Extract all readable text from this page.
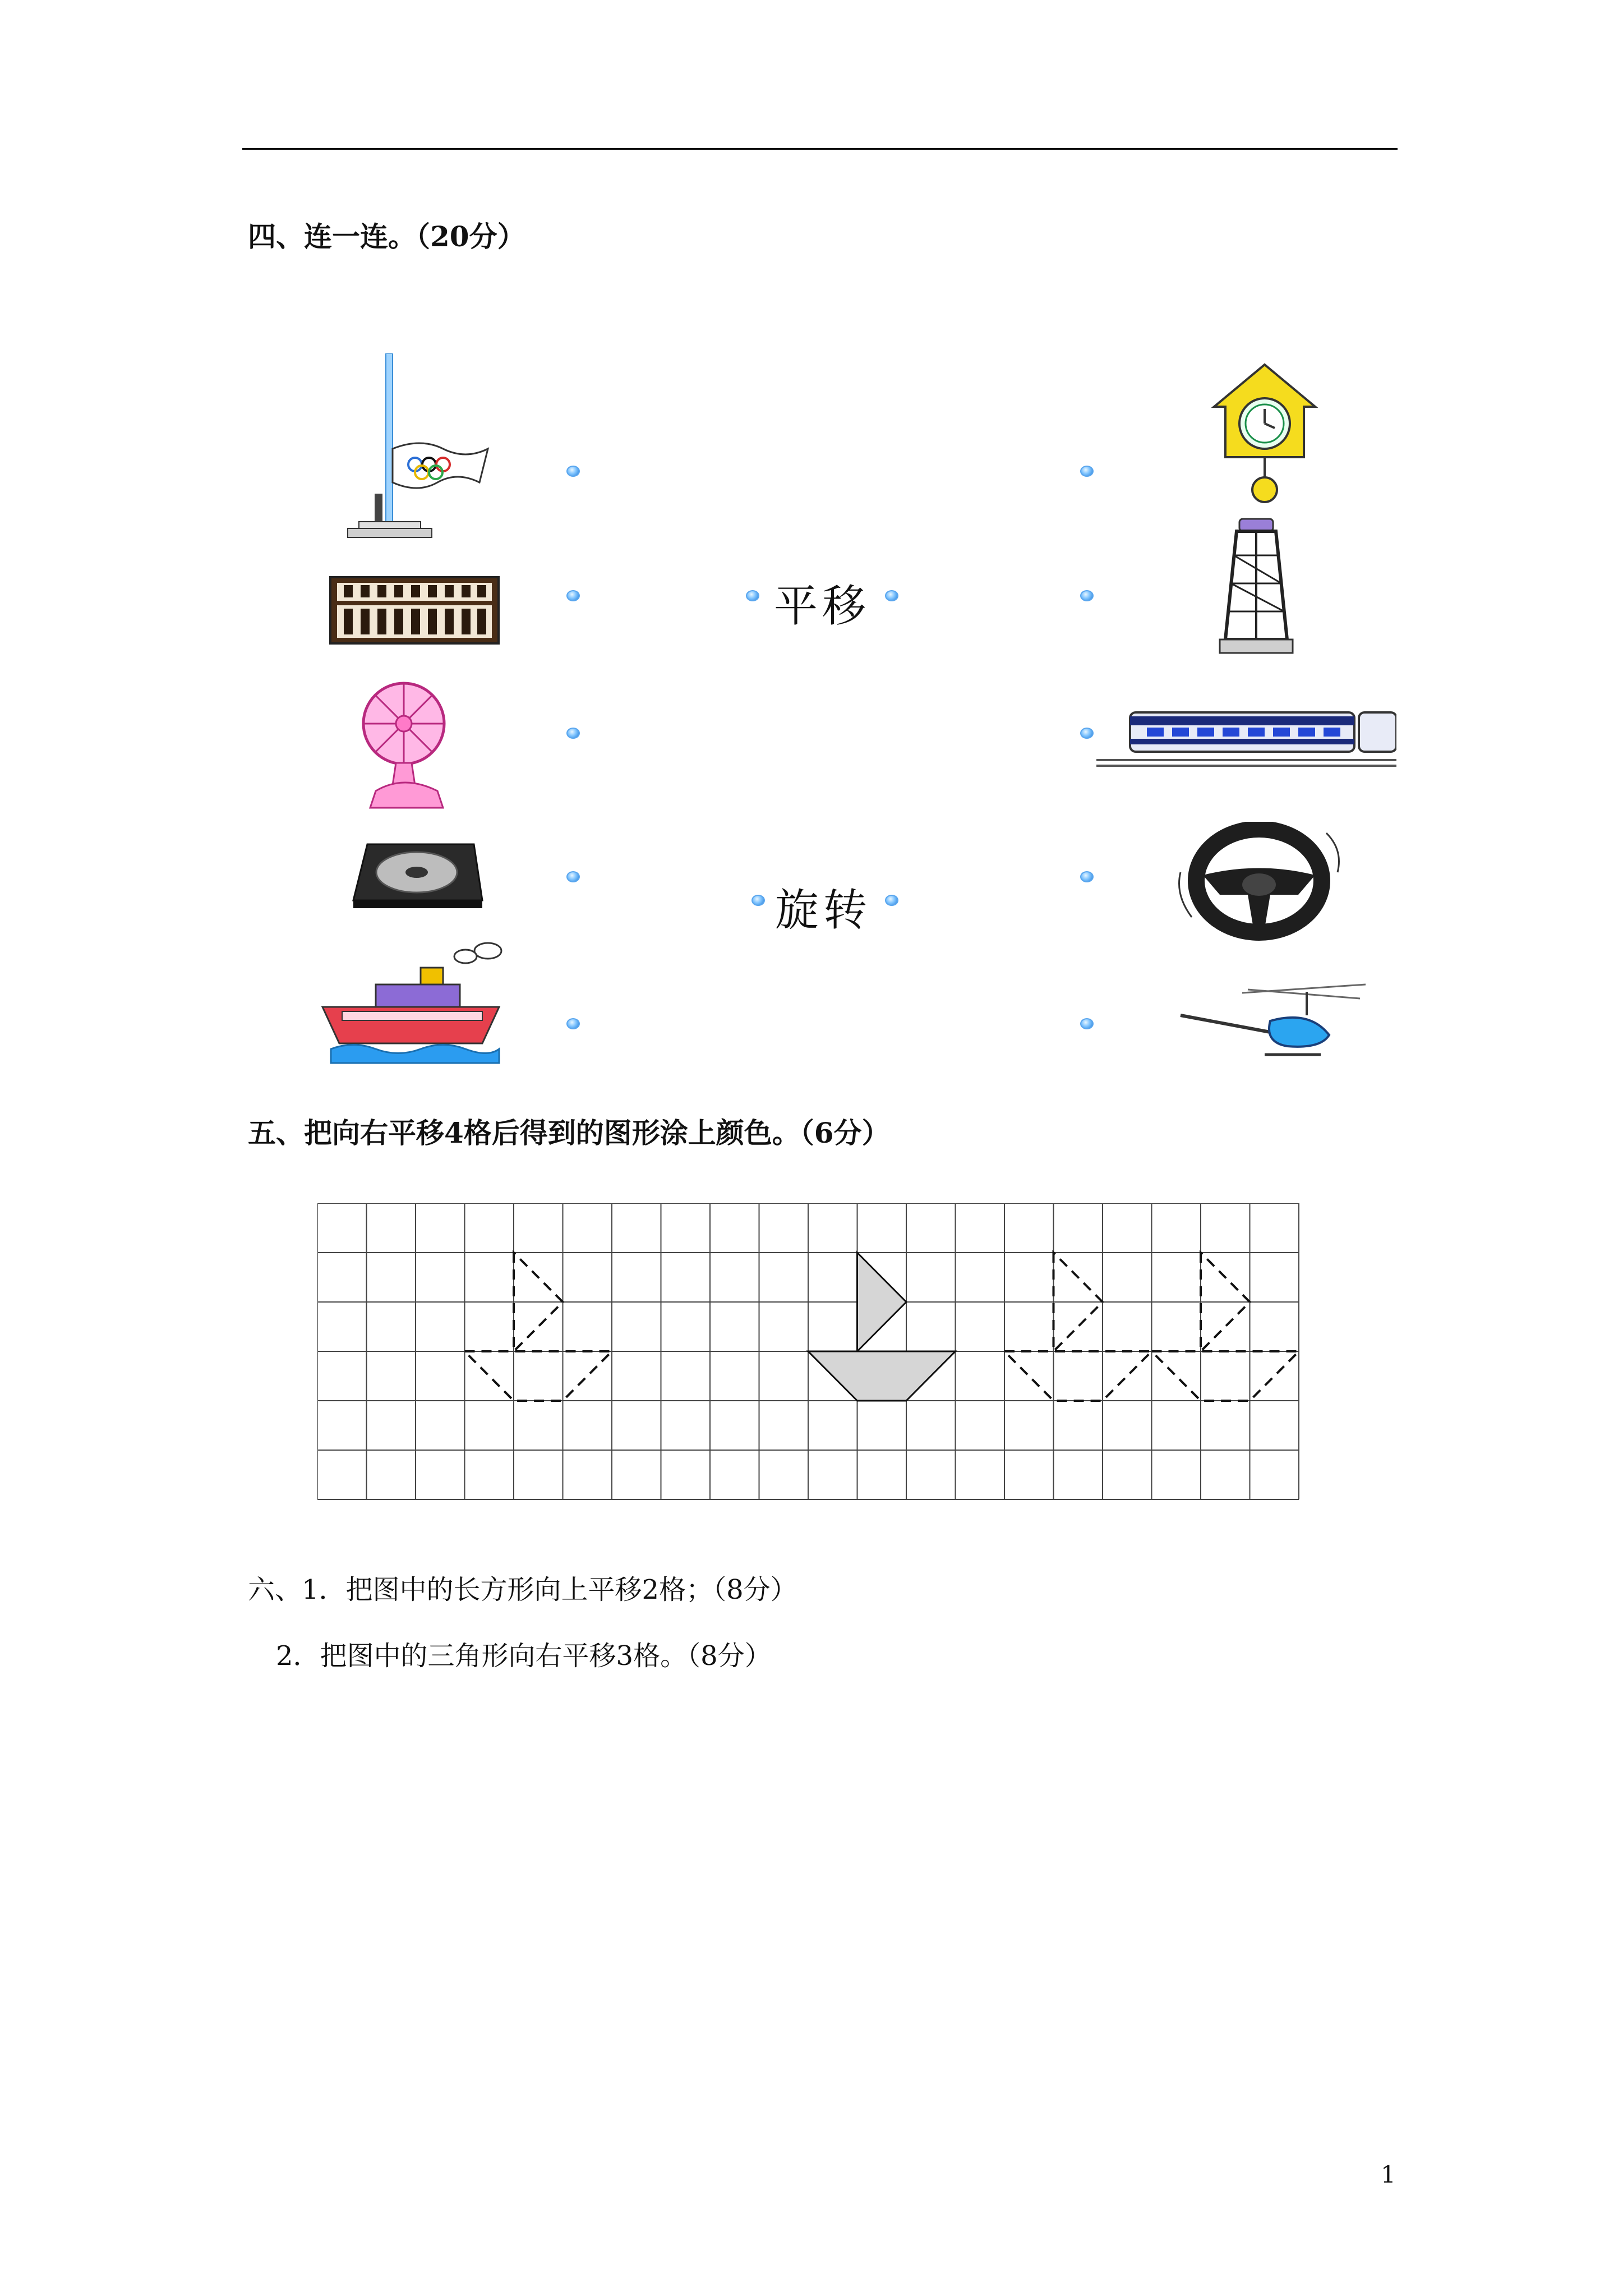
四、连一连。（20分）
平移
旋转
五、把向右平移4格后得到的图形涂上颜色。（6分）
六、1．把图中的长方形向上平移2格；（8分）
2．把图中的三角形向右平移3格。（8分）
1
